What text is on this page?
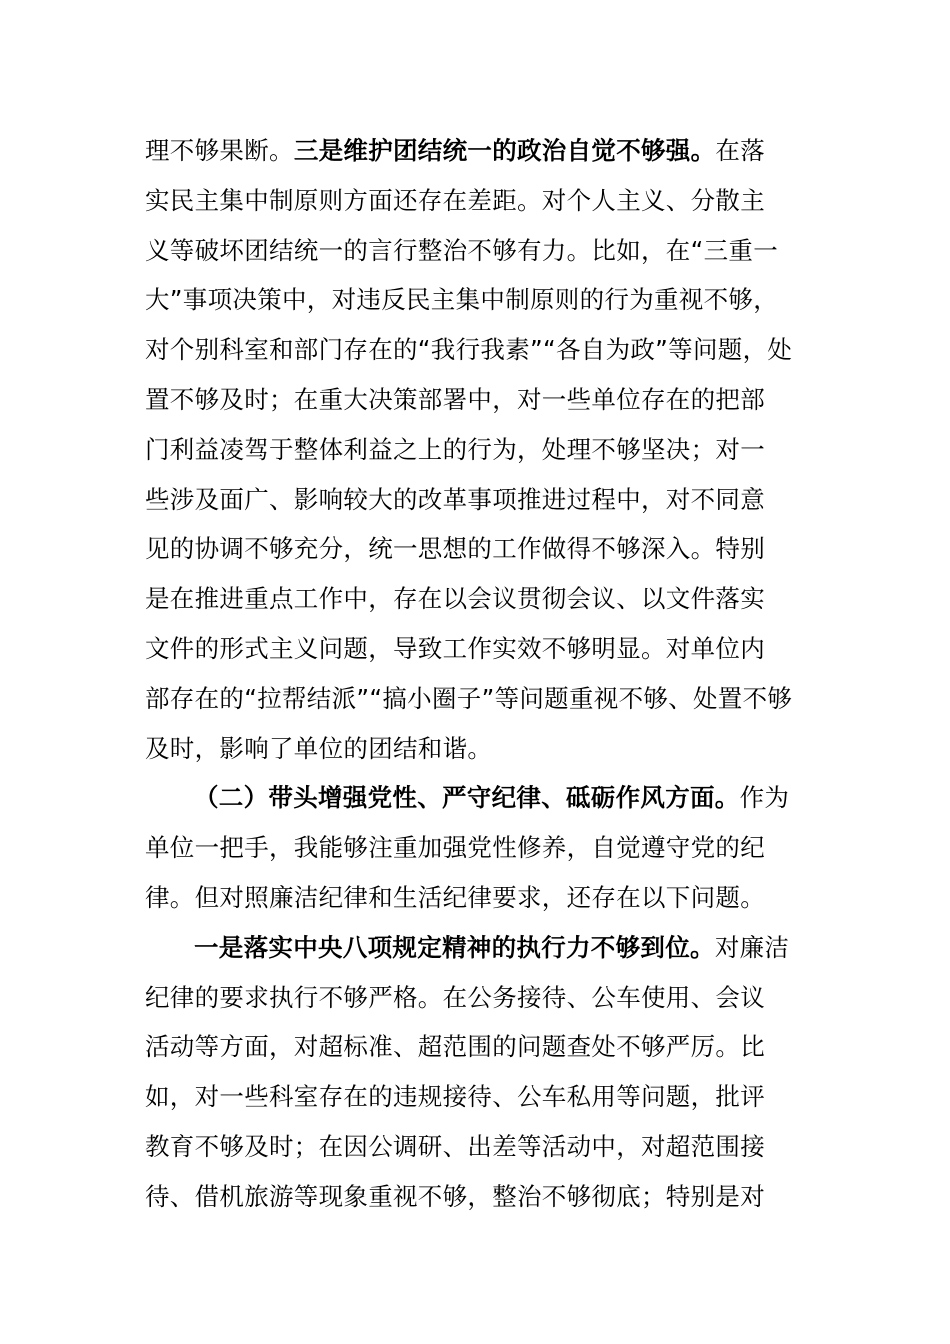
理不够果断。三是维护团结统一的政治自觉不够强。在落
实民主集中制原则方面还存在差距。对个人主义、分散主
义等破坏团结统一的言行整治不够有力。比如，在“三重一
大”事项决策中，对违反民主集中制原则的行为重视不够，
对个别科室和部门存在的“我行我素”“各自为政”等问题，处
置不够及时；在重大决策部署中，对一些单位存在的把部
门利益凌驾于整体利益之上的行为，处理不够坚决；对一
些涉及面广、影响较大的改革事项推进过程中，对不同意
见的协调不够充分，统一思想的工作做得不够深入。特别
是在推进重点工作中，存在以会议贯彻会议、以文件落实
文件的形式主义问题，导致工作实效不够明显。对单位内
部存在的“拉帮结派”“搞小圈子”等问题重视不够、处置不够
及时，影响了单位的团结和谐。
（二）带头增强党性、严守纪律、砥砺作风方面。作为
单位一把手，我能够注重加强党性修养，自觉遵守党的纪
律。但对照廉洁纪律和生活纪律要求，还存在以下问题。
一是落实中央八项规定精神的执行力不够到位。对廉洁
纪律的要求执行不够严格。在公务接待、公车使用、会议
活动等方面，对超标准、超范围的问题查处不够严厉。比
如，对一些科室存在的违规接待、公车私用等问题，批评
教育不够及时；在因公调研、出差等活动中，对超范围接
待、借机旅游等现象重视不够，整治不够彻底；特别是对
